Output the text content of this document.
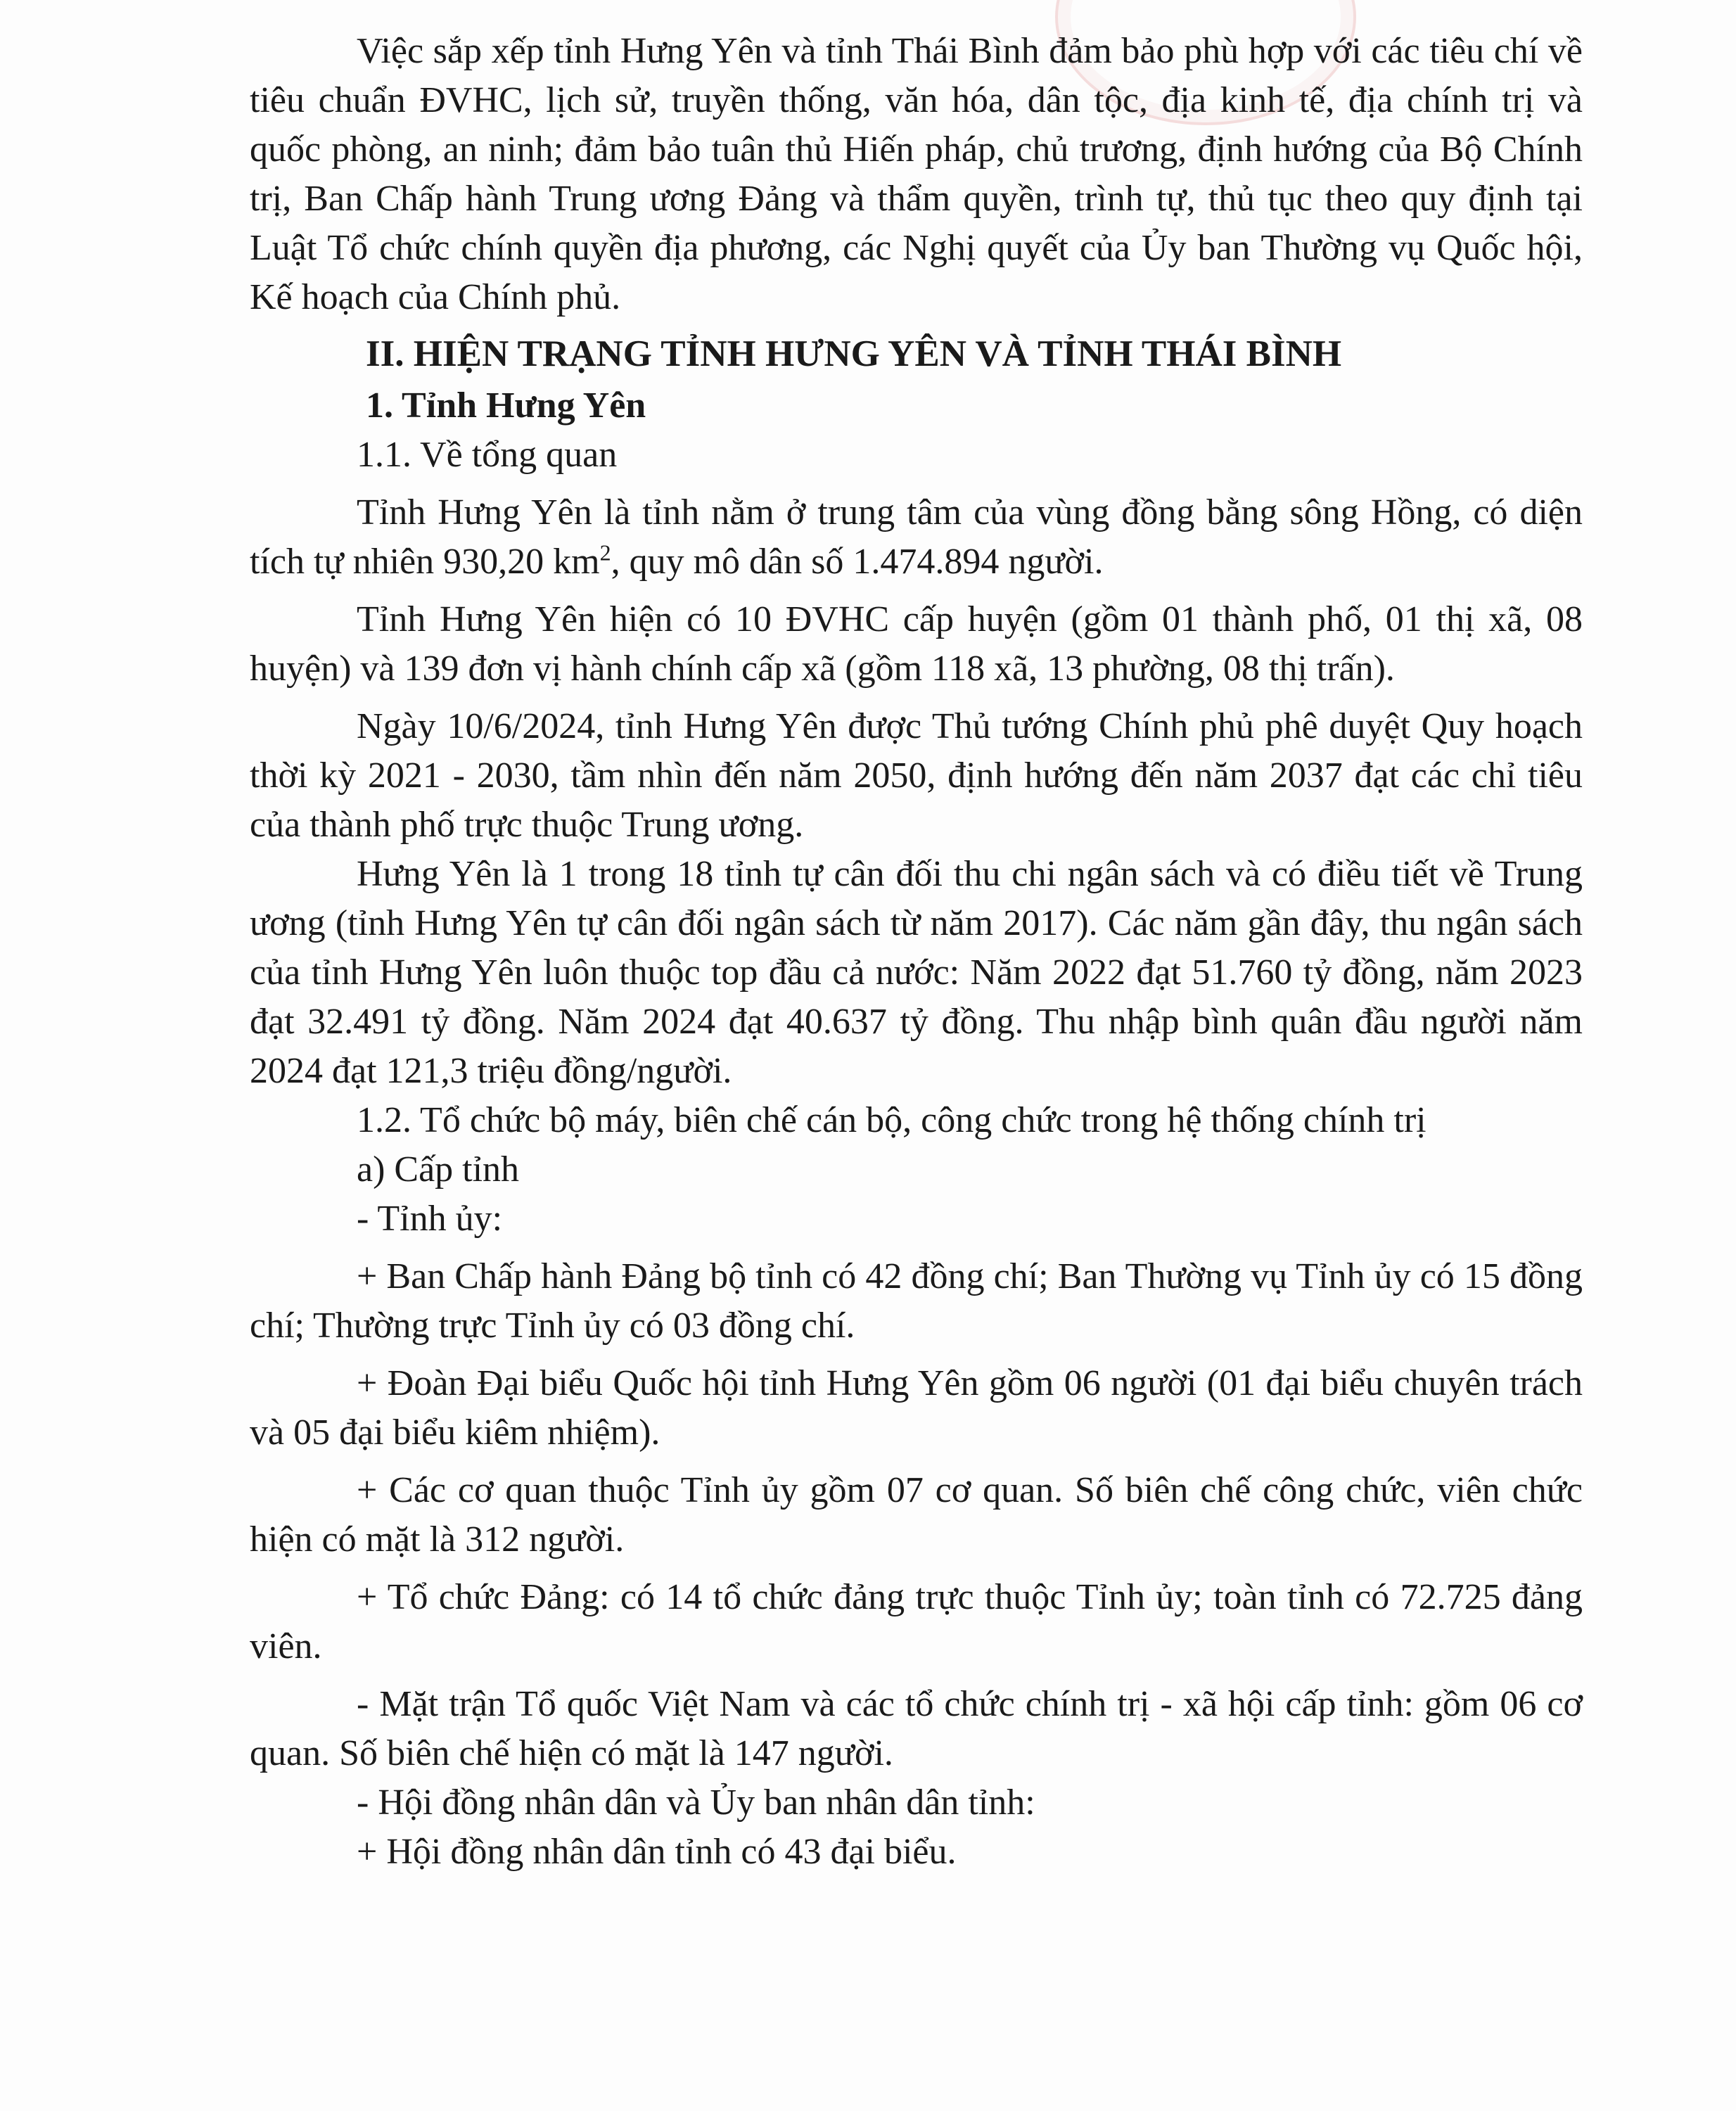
Việc sắp xếp tỉnh Hưng Yên và tỉnh Thái Bình đảm bảo phù hợp với các tiêu chí về tiêu chuẩn ĐVHC, lịch sử, truyền thống, văn hóa, dân tộc, địa kinh tế, địa chính trị và quốc phòng, an ninh; đảm bảo tuân thủ Hiến pháp, chủ trương, định hướng của Bộ Chính trị, Ban Chấp hành Trung ương Đảng và thẩm quyền, trình tự, thủ tục theo quy định tại Luật Tổ chức chính quyền địa phương, các Nghị quyết của Ủy ban Thường vụ Quốc hội, Kế hoạch của Chính phủ.

II. HIỆN TRẠNG TỈNH HƯNG YÊN VÀ TỈNH THÁI BÌNH

1. Tỉnh Hưng Yên

1.1. Về tổng quan

Tỉnh Hưng Yên là tỉnh nằm ở trung tâm của vùng đồng bằng sông Hồng, có diện tích tự nhiên 930,20 $km^2$, quy mô dân số 1.474.894 người.

Tỉnh Hưng Yên hiện có 10 ĐVHC cấp huyện (gồm 01 thành phố, 01 thị xã, 08 huyện) và 139 đơn vị hành chính cấp xã (gồm 118 xã, 13 phường, 08 thị trấn).

Ngày 10/6/2024, tỉnh Hưng Yên được Thủ tướng Chính phủ phê duyệt Quy hoạch thời kỳ 2021 - 2030, tầm nhìn đến năm 2050, định hướng đến năm 2037 đạt các chỉ tiêu của thành phố trực thuộc Trung ương.

Hưng Yên là 1 trong 18 tỉnh tự cân đối thu chi ngân sách và có điều tiết về Trung ương (tỉnh Hưng Yên tự cân đối ngân sách từ năm 2017). Các năm gần đây, thu ngân sách của tỉnh Hưng Yên luôn thuộc top đầu cả nước: Năm 2022 đạt 51.760 tỷ đồng, năm 2023 đạt 32.491 tỷ đồng. Năm 2024 đạt 40.637 tỷ đồng. Thu nhập bình quân đầu người năm 2024 đạt 121,3 triệu đồng/người.

1.2. Tổ chức bộ máy, biên chế cán bộ, công chức trong hệ thống chính trị

a) Cấp tỉnh

- Tỉnh ủy:

+ Ban Chấp hành Đảng bộ tỉnh có 42 đồng chí; Ban Thường vụ Tỉnh ủy có 15 đồng chí; Thường trực Tỉnh ủy có 03 đồng chí.

+ Đoàn Đại biểu Quốc hội tỉnh Hưng Yên gồm 06 người (01 đại biểu chuyên trách và 05 đại biểu kiêm nhiệm).

+ Các cơ quan thuộc Tỉnh ủy gồm 07 cơ quan. Số biên chế công chức, viên chức hiện có mặt là 312 người.

+ Tổ chức Đảng: có 14 tổ chức đảng trực thuộc Tỉnh ủy; toàn tỉnh có 72.725 đảng viên.

- Mặt trận Tổ quốc Việt Nam và các tổ chức chính trị - xã hội cấp tỉnh: gồm 06 cơ quan. Số biên chế hiện có mặt là 147 người.

- Hội đồng nhân dân và Ủy ban nhân dân tỉnh:

+ Hội đồng nhân dân tỉnh có 43 đại biểu.
